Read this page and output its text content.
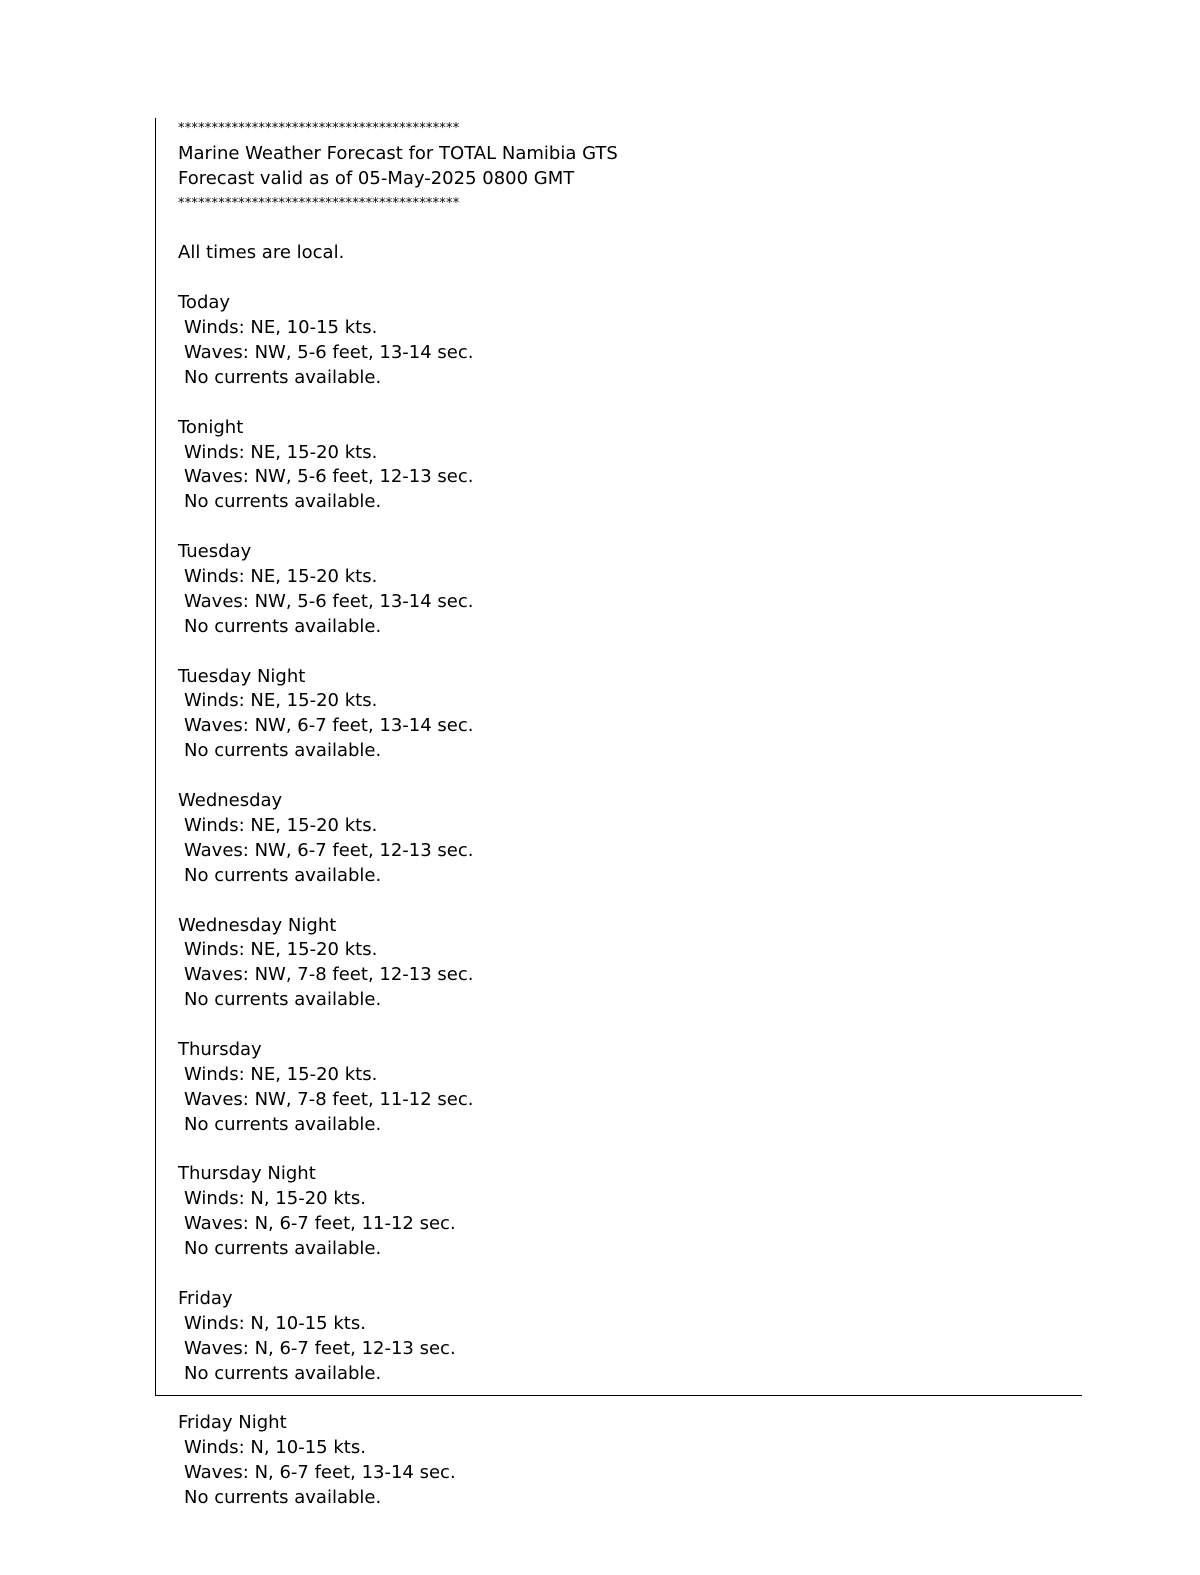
******************************************
Marine Weather Forecast for TOTAL Namibia GTS
Forecast valid as of 05-May-2025 0800 GMT
******************************************
All times are local.
Today
Winds: NE, 10-15 kts.
Waves: NW, 5-6 feet, 13-14 sec.
No currents available.
Tonight
Winds: NE, 15-20 kts.
Waves: NW, 5-6 feet, 12-13 sec.
No currents available.
Tuesday
Winds: NE, 15-20 kts.
Waves: NW, 5-6 feet, 13-14 sec.
No currents available.
Tuesday Night
Winds: NE, 15-20 kts.
Waves: NW, 6-7 feet, 13-14 sec.
No currents available.
Wednesday
Winds: NE, 15-20 kts.
Waves: NW, 6-7 feet, 12-13 sec.
No currents available.
Wednesday Night
Winds: NE, 15-20 kts.
Waves: NW, 7-8 feet, 12-13 sec.
No currents available.
Thursday
Winds: NE, 15-20 kts.
Waves: NW, 7-8 feet, 11-12 sec.
No currents available.
Thursday Night
Winds: N, 15-20 kts.
Waves: N, 6-7 feet, 11-12 sec.
No currents available.
Friday
Winds: N, 10-15 kts.
Waves: N, 6-7 feet, 12-13 sec.
No currents available.
Friday Night
Winds: N, 10-15 kts.
Waves: N, 6-7 feet, 13-14 sec.
No currents available.
